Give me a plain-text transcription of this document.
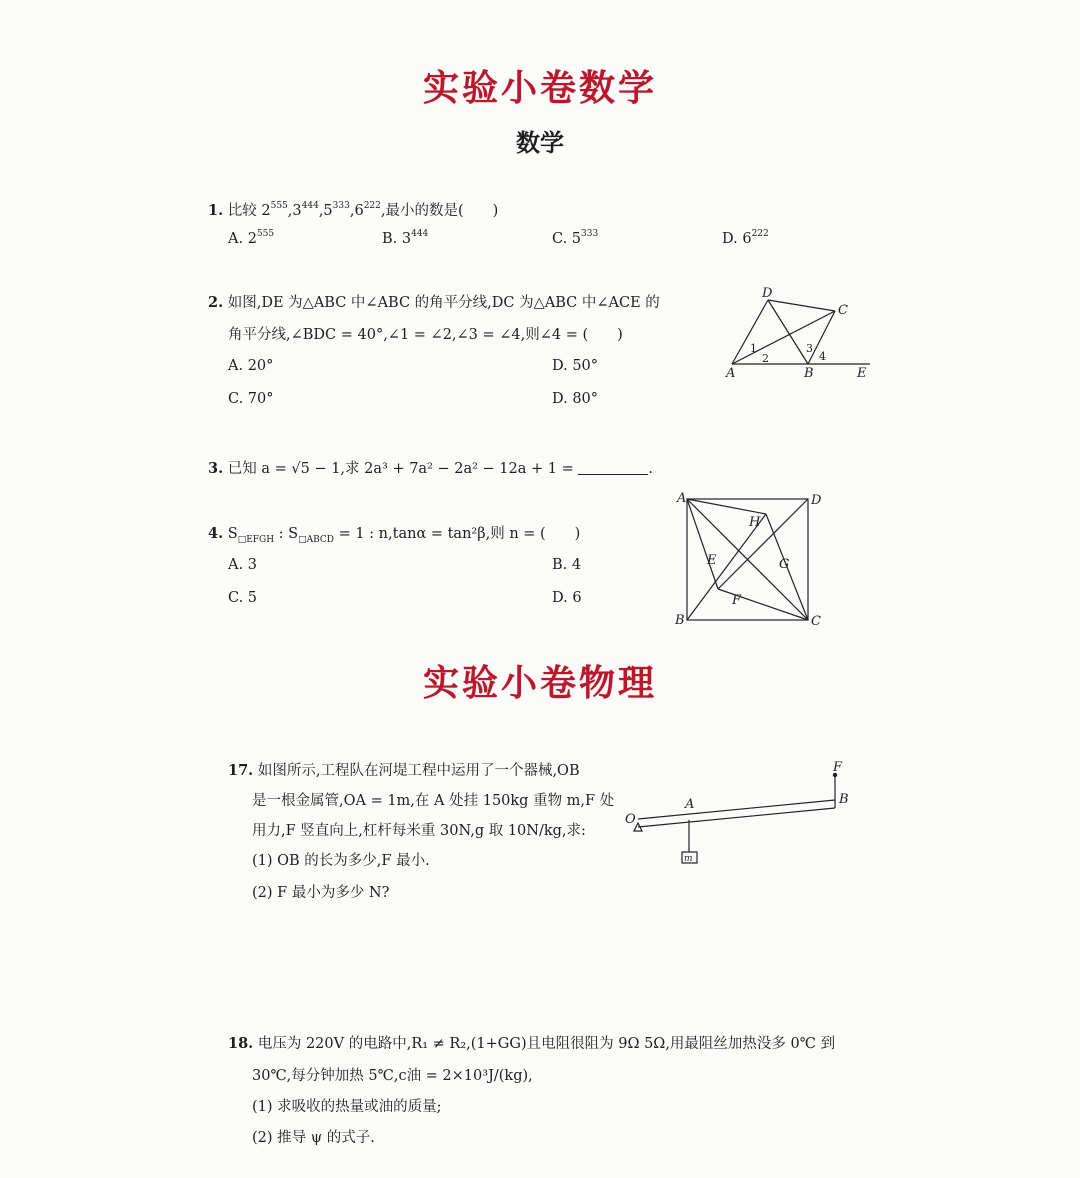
实验小卷数学
数学
1. 比较 $2^{555},3^{444},5^{333},6^{222}$,最小的数是(　　)
A. $2^{555}$	B. $3^{444}$	C. $5^{333}$	D. $6^{222}$
2. 如图,DE 为△ABC 中∠ABC 的角平分线,DC 为△ABC 中∠ACE 的
角平分线,∠BDC = 40°,∠1 = ∠2,∠3 = ∠4,则∠4 = (　　)
A. 20°	D. 50°
C. 70°	D. 80°
D
C
A	B	E
1
2
3
4
3. 已知 a = √5 − 1,求 2a³ + 7a² − 2a² − 12a + 1 =	.
4. $S_{□EFGH}$ : $S_{□ABCD} = 1$ : n,tanα = tan²β,则 n = (　　)
A. 3	B. 4
C. 5	D. 6
A	D
B	C
H
E	G
F
实验小卷物理
17. 如图所示,工程队在河堤工程中运用了一个器械,OB
是一根金属管,OA = 1m,在 A 处挂 150kg 重物 m,F 处
用力,F 竖直向上,杠杆每米重 30N,g 取 10N/kg,求:
(1) OB 的长为多少,F 最小.
(2) F 最小为多少 N?
F
A	B
O
m
18. 电压为 220V 的电路中,R₁ ≠ R₂,(1+GG)且电阻很阻为 9Ω 5Ω,用最阻丝加热没多 0℃ 到
30℃,每分钟加热 5℃,c油 = 2×10³J/(kg),
(1) 求吸收的热量或油的质量;
(2) 推导 ψ 的式子.
